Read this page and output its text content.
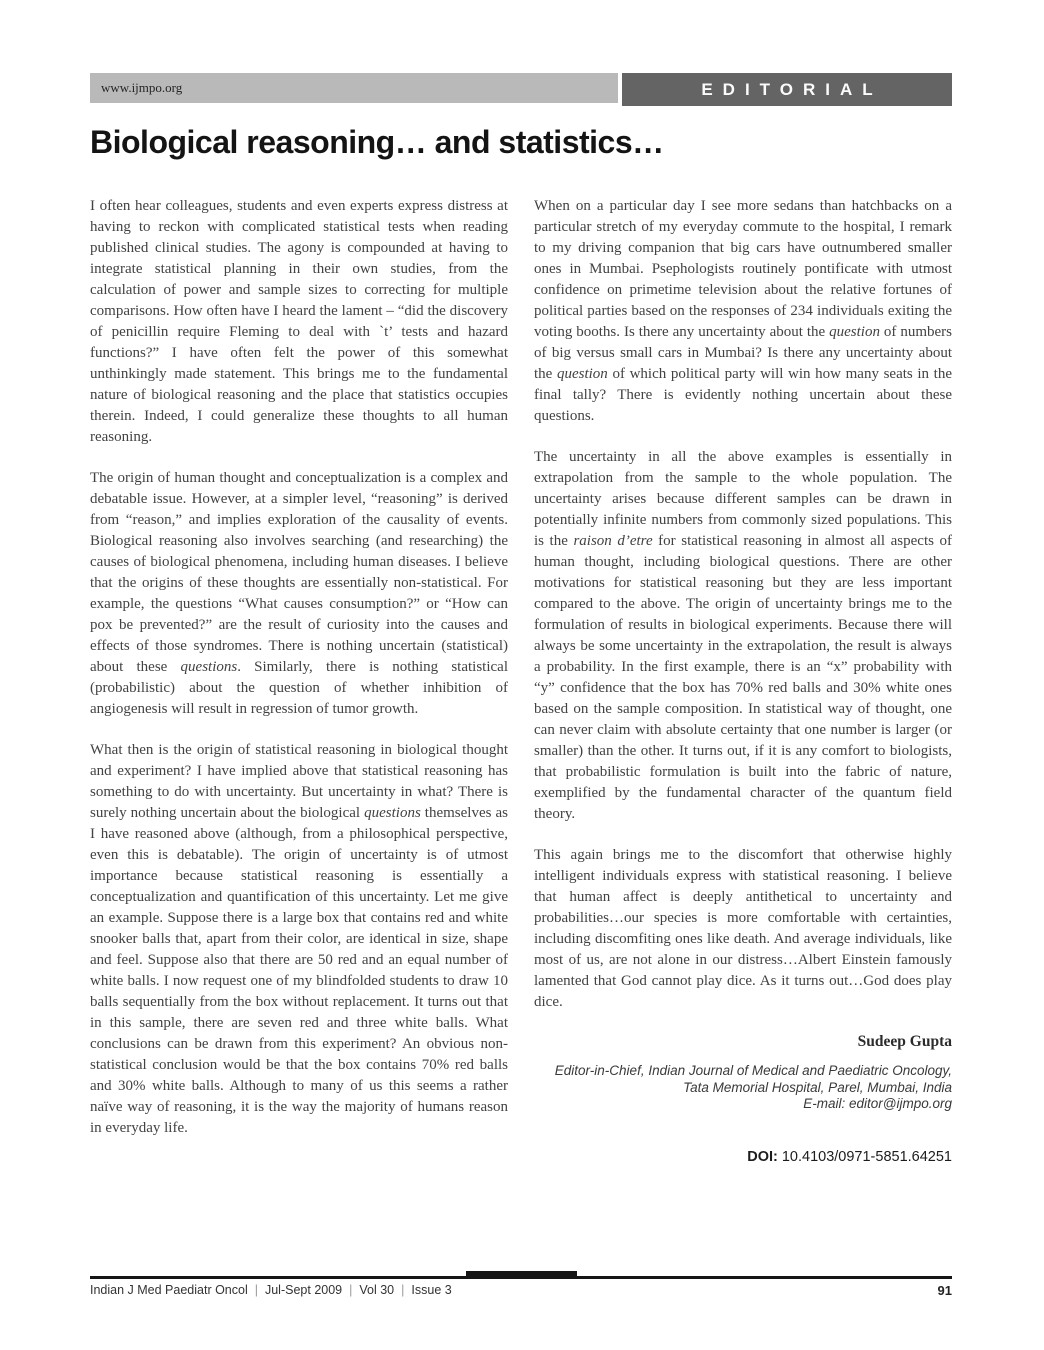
www.ijmpo.org	EDITORIAL
Biological reasoning… and statistics…

I often hear colleagues, students and even experts express distress at having to reckon with complicated statistical tests when reading published clinical studies. The agony is compounded at having to integrate statistical planning in their own studies, from the calculation of power and sample sizes to correcting for multiple comparisons. How often have I heard the lament – “did the discovery of penicillin require Fleming to deal with `t’ tests and hazard functions?” I have often felt the power of this somewhat unthinkingly made statement. This brings me to the fundamental nature of biological reasoning and the place that statistics occupies therein. Indeed, I could generalize these thoughts to all human reasoning.

The origin of human thought and conceptualization is a complex and debatable issue. However, at a simpler level, “reasoning” is derived from “reason,” and implies exploration of the causality of events. Biological reasoning also involves searching (and researching) the causes of biological phenomena, including human diseases. I believe that the origins of these thoughts are essentially non-statistical. For example, the questions “What causes consumption?” or “How can pox be prevented?” are the result of curiosity into the causes and effects of those syndromes. There is nothing uncertain (statistical) about these questions. Similarly, there is nothing statistical (probabilistic) about the question of whether inhibition of angiogenesis will result in regression of tumor growth.

What then is the origin of statistical reasoning in biological thought and experiment? I have implied above that statistical reasoning has something to do with uncertainty. But uncertainty in what? There is surely nothing uncertain about the biological questions themselves as I have reasoned above (although, from a philosophical perspective, even this is debatable). The origin of uncertainty is of utmost importance because statistical reasoning is essentially a conceptualization and quantification of this uncertainty. Let me give an example. Suppose there is a large box that contains red and white snooker balls that, apart from their color, are identical in size, shape and feel. Suppose also that there are 50 red and an equal number of white balls. I now request one of my blindfolded students to draw 10 balls sequentially from the box without replacement. It turns out that in this sample, there are seven red and three white balls. What conclusions can be drawn from this experiment? An obvious non-statistical conclusion would be that the box contains 70% red balls and 30% white balls. Although to many of us this seems a rather naïve way of reasoning, it is the way the majority of humans reason in everyday life.

When on a particular day I see more sedans than hatchbacks on a particular stretch of my everyday commute to the hospital, I remark to my driving companion that big cars have outnumbered smaller ones in Mumbai. Psephologists routinely pontificate with utmost confidence on primetime television about the relative fortunes of political parties based on the responses of 234 individuals exiting the voting booths. Is there any uncertainty about the question of numbers of big versus small cars in Mumbai? Is there any uncertainty about the question of which political party will win how many seats in the final tally? There is evidently nothing uncertain about these questions.

The uncertainty in all the above examples is essentially in extrapolation from the sample to the whole population. The uncertainty arises because different samples can be drawn in potentially infinite numbers from commonly sized populations. This is the raison d’etre for statistical reasoning in almost all aspects of human thought, including biological questions. There are other motivations for statistical reasoning but they are less important compared to the above. The origin of uncertainty brings me to the formulation of results in biological experiments. Because there will always be some uncertainty in the extrapolation, the result is always a probability. In the first example, there is an “x” probability with “y” confidence that the box has 70% red balls and 30% white ones based on the sample composition. In statistical way of thought, one can never claim with absolute certainty that one number is larger (or smaller) than the other. It turns out, if it is any comfort to biologists, that probabilistic formulation is built into the fabric of nature, exemplified by the fundamental character of the quantum field theory.

This again brings me to the discomfort that otherwise highly intelligent individuals express with statistical reasoning. I believe that human affect is deeply antithetical to uncertainty and probabilities…our species is more comfortable with certainties, including discomfiting ones like death. And average individuals, like most of us, are not alone in our distress…Albert Einstein famously lamented that God cannot play dice. As it turns out…God does play dice.

Sudeep Gupta
Editor-in-Chief, Indian Journal of Medical and Paediatric Oncology,
Tata Memorial Hospital, Parel, Mumbai, India
E-mail: editor@ijmpo.org
DOI: 10.4103/0971-5851.64251
Indian J Med Paediatr Oncol | Jul-Sept 2009 | Vol 30 | Issue 3	91
